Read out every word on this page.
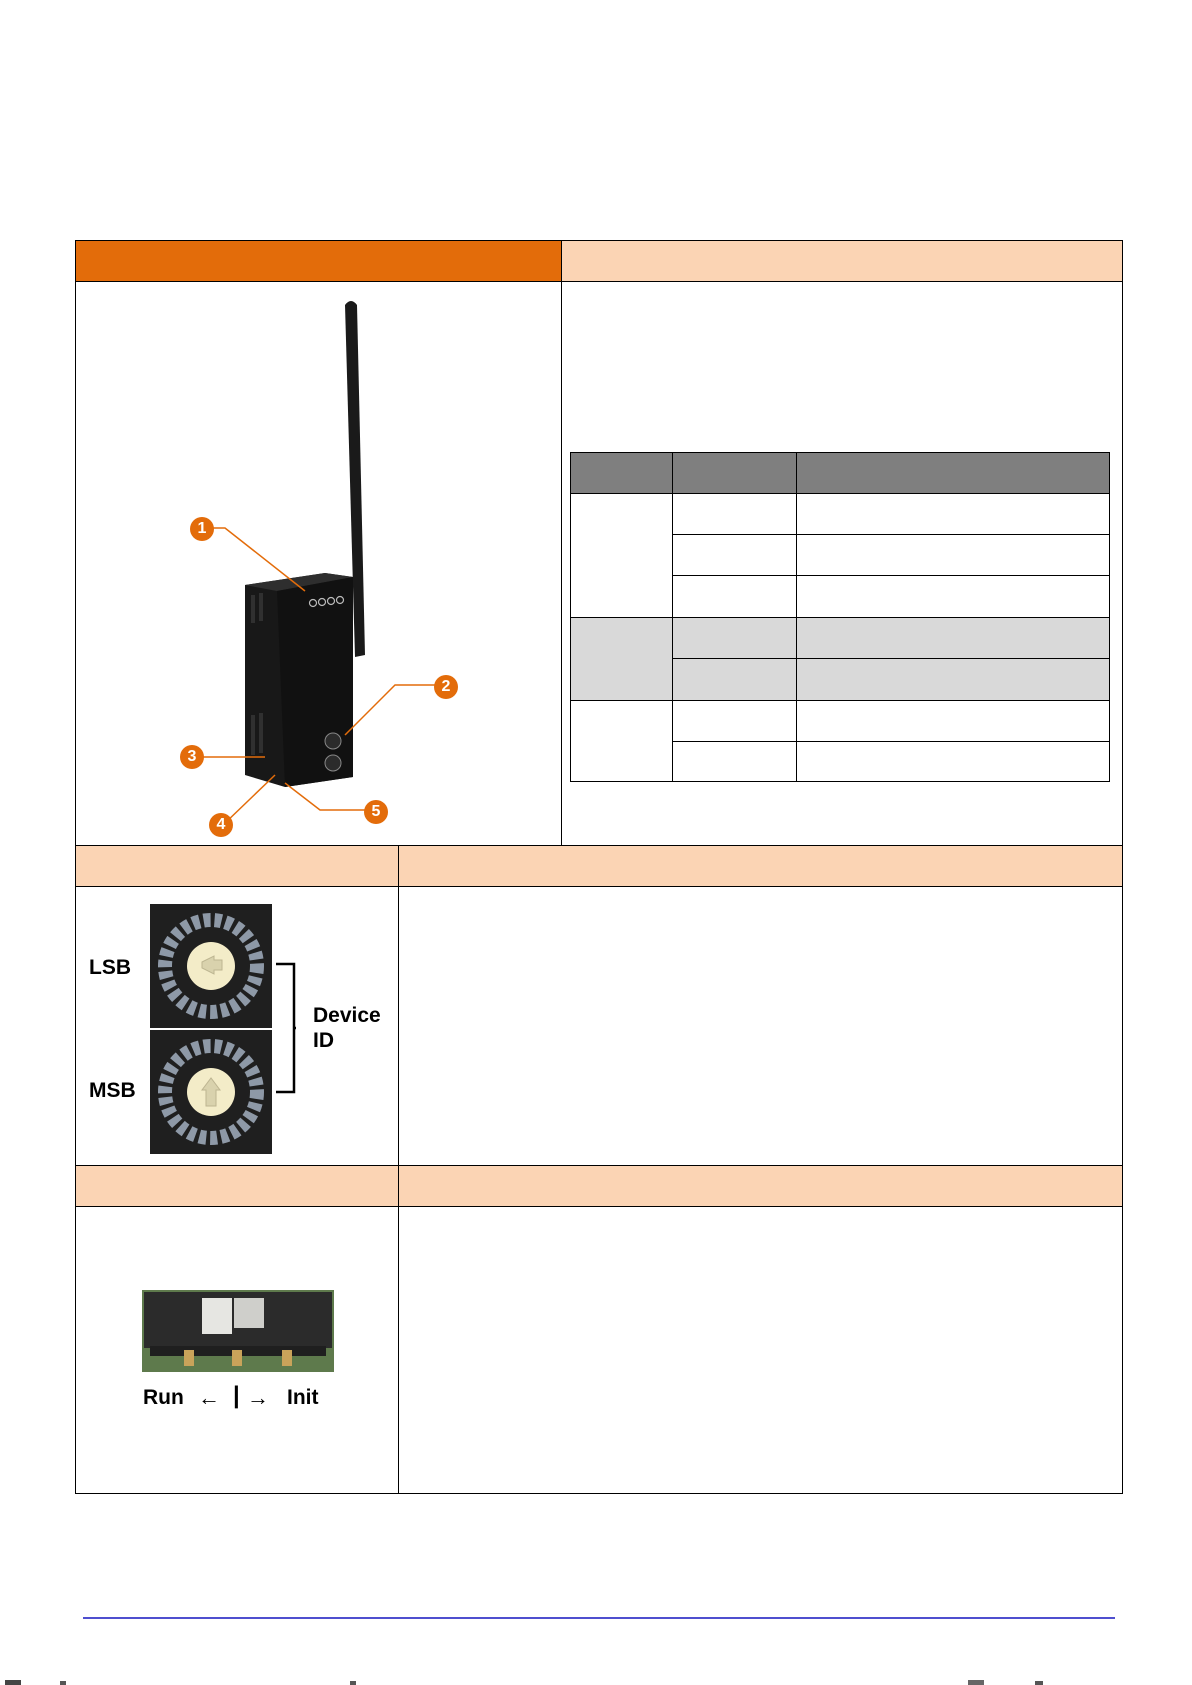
1
2
3
4
5
LSB
MSB
Device
ID
Run ← | → Init
